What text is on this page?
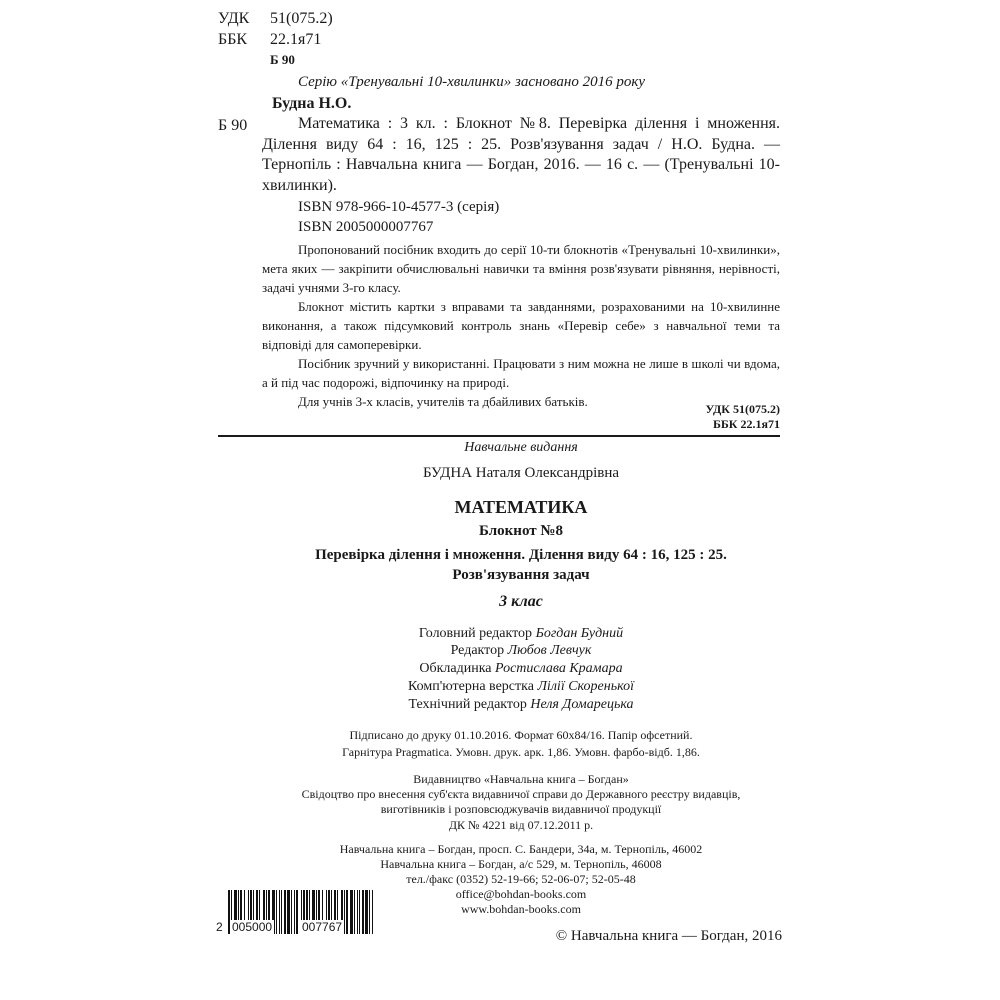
УДК 51(075.2)
ББК 22.1я71
Б 90
Серію «Тренувальні 10-хвилинки» засновано 2016 року
Будна Н.О.
Б 90	Математика : 3 кл. : Блокнот №8. Перевірка ділення і множення. Ділення виду 64 : 16, 125 : 25. Розв'язування задач / Н.О. Будна. — Тернопіль : Навчальна книга — Богдан, 2016. — 16 с. — (Тренувальні 10-хвилинки).
ISBN 978-966-10-4577-3 (серія)
ISBN 2005000007767
Пропонований посібник входить до серії 10-ти блокнотів «Тренувальні 10-хвилинки», мета яких — закріпити обчислювальні навички та вміння розв'язувати рівняння, нерівності, задачі учнями 3-го класу.
Блокнот містить картки з вправами та завданнями, розрахованими на 10-хвилинне виконання, а також підсумковий контроль знань «Перевір себе» з навчальної теми та відповіді для самоперевірки.
Посібник зручний у використанні. Працювати з ним можна не лише в школі чи вдома, а й під час подорожі, відпочинку на природі.
Для учнів 3-х класів, учителів та дбайливих батьків.	УДК 51(075.2)
ББК 22.1я71
Навчальне видання
БУДНА Наталя Олександрівна
МАТЕМАТИКА
Блокнот №8
Перевірка ділення і множення. Ділення виду 64 : 16, 125 : 25.
Розв'язування задач
3 клас
Головний редактор Богдан Будний
Редактор Любов Левчук
Обкладинка Ростислава Крамара
Комп'ютерна верстка Лілії Скоренької
Технічний редактор Неля Домарецька
Підписано до друку 01.10.2016. Формат 60х84/16. Папір офсетний.
Гарнітура Pragmatica. Умовн. друк. арк. 1,86. Умовн. фарбо-відб. 1,86.
Видавництво «Навчальна книга – Богдан»
Свідоцтво про внесення суб'єкта видавничої справи до Державного реєстру видавців,
виготівників і розповсюджувачів видавничої продукції
ДК № 4221 від 07.12.2011 р.
Навчальна книга – Богдан, просп. С. Бандери, 34а, м. Тернопіль, 46002
Навчальна книга – Богдан, а/с 529, м. Тернопіль, 46008
тел./факс (0352) 52-19-66; 52-06-07; 52-05-48
office@bohdan-books.com
www.bohdan-books.com
2 005000 007767
© Навчальна книга — Богдан, 2016
